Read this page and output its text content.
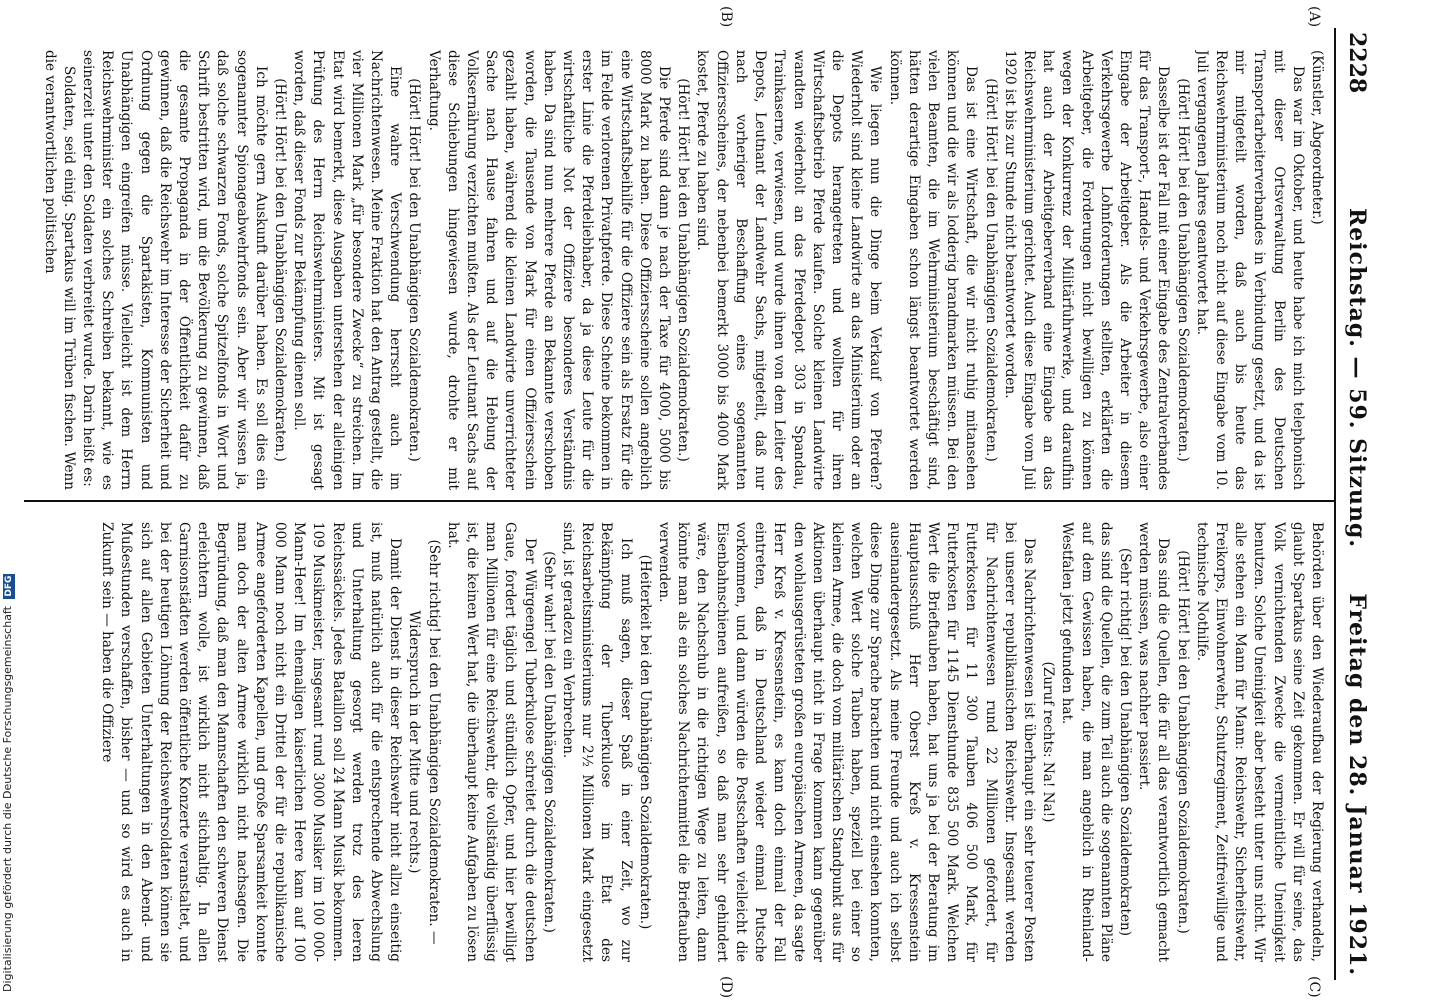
2228
Reichstag. — 59. Sitzung.
Freitag den 28. Januar 1921.
(A)
(B)
(C)
(D)

(Künstler, Abgeordneter.)

Das war im Oktober, und heute habe ich mich telephonisch mit dieser Ortsverwaltung Berlin des Deutschen Transportarbeiterverbandes in Verbindung gesetzt, und da ist mir mitgeteilt worden, daß auch bis heute das Reichswehrministerium noch nicht auf diese Eingabe vom 10. Juli vergangenen Jahres geantwortet hat.

(Hört! Hört! bei den Unabhängigen Sozialdemokraten.)

Dasselbe ist der Fall mit einer Eingabe des Zentralverbandes für das Transport-, Handels- und Verkehrsgewerbe, also einer Eingabe der Arbeitgeber. Als die Arbeiter in diesem Verkehrsgewerbe Lohnforderungen stellten, erklärten die Arbeitgeber, die Forderungen nicht bewilligen zu können wegen der Konkurrenz der Militärfuhrwerke, und daraufhin hat auch der Arbeitgeberverband eine Eingabe an das Reichswehrministerium gerichtet. Auch diese Eingabe vom Juli 1920 ist bis zur Stunde nicht beantwortet worden.

(Hört! Hört! bei den Unabhängigen Sozialdemokraten.)

Das ist eine Wirtschaft, die wir nicht ruhig mitansehen können und die wir als lodderig brandmarken müssen. Bei den vielen Beamten, die im Wehrministerium beschäftigt sind, hätten derartige Eingaben schon längst beantwortet werden können.

Wie liegen nun die Dinge beim Verkauf von Pferden? Wiederholt sind kleine Landwirte an das Ministerium oder an die Depots herangetreten und wollten für ihren Wirtschaftsbetrieb Pferde kaufen. Solche kleinen Landwirte wandten wiederholt an das Pferdedepot 303 in Spandau, Trainkaserne, verwiesen, und wurde ihnen von dem Leiter des Depots, Leutnant der Landwehr Sachs, mitgeteilt, daß nur nach vorheriger Beschaffung eines sogenannten Offiziersscheines, der nebenbei bemerkt 3000 bis 4000 Mark kostet, Pferde zu haben sind.

(Hört! Hört! bei den Unabhängigen Sozialdemokraten.)

Die Pferde sind dann je nach der Taxe für 4000, 5000 bis 8000 Mark zu haben. Diese Offiziersscheine sollen angeblich eine Wirtschaftsbeihilfe für die Offiziere sein als Ersatz für die im Felde verlorenen Privatpferde. Diese Scheine bekommen in erster Linie die Pferdeliebhaber, da ja diese Leute für die wirtschaftliche Not der Offiziere besonderes Verständnis haben. Da sind nun mehrere Pferde an Bekannte verschoben worden, die Tausende von Mark für einen Offiziersschein gezahlt haben, während die kleinen Landwirte unverrichteter Sache nach Hause fahren und auf die Hebung der Volksernährung verzichten mußten. Als der Leutnant Sachs auf diese Schiebungen hingewiesen wurde, drohte er mit Verhaftung.

(Hört! Hört! bei den Unabhängigen Sozialdemokraten.)

Eine wahre Verschwendung herrscht auch im Nachrichtenwesen. Meine Fraktion hat den Antrag gestellt, die vier Millionen Mark „für besondere Zwecke“ zu streichen. Im Etat wird bemerkt, diese Ausgaben unterstehen der alleinigen Prüfung des Herrn Reichswehrministers. Mit ist gesagt worden, daß dieser Fonds zur Bekämpfung dienen soll.

(Hört! Hört! bei den Unabhängigen Sozialdemokraten.)

Ich möchte gern Auskunft darüber haben. Es soll dies ein sogenannter Spionageabwehrfonds sein. Aber wir wissen ja, daß solche schwarzen Fonds, solche Spitzelfonds in Wort und Schrift bestritten wird, um die Bevölkerung zu gewinnen, daß die gesamte Propaganda in der Öffentlichkeit dafür zu gewinnen, daß die Reichswehr im Interesse der Sicherheit und Ordnung gegen die Spartakisten, Kommunisten und Unabhängigen eingreifen müsse. Vielleicht ist dem Herrn Reichswehrminister ein solches Schreiben bekannt, wie es seinerzeit unter den Soldaten verbreitet wurde. Darin heißt es:

Soldaten, seid einig. Spartakus will im Trüben fischen. Wenn die verantwortlichen politischen

Behörden über den Wiederaufbau der Regierung verhandeln, glaubt Spartakus seine Zeit gekommen. Er will für seine, das Volk vernichtenden Zwecke die vermeintliche Uneinigkeit benutzen. Solche Uneinigkeit aber besteht unter uns nicht. Wir alle stehen ein Mann für Mann: Reichswehr, Sicherheitswehr, Freikorps, Einwohnerwehr, Schutzregiment, Zeitfreiwillige und technische Nothilfe.

(Hört! Hört! bei den Unabhängigen Sozialdemokraten.)

Das sind die Quellen, die für all das verantwortlich gemacht werden müssen, was nachher passiert.

(Sehr richtig! bei den Unabhängigen Sozialdemokraten)

das sind die Quellen, die zum Teil auch die sogenannten Pläne auf dem Gewissen haben, die man angeblich in Rheinland-Westfalen jetzt gefunden hat.

(Zuruf rechts: Na! Na!)

Das Nachrichtenwesen ist überhaupt ein sehr teuerer Posten bei unserer republikanischen Reichswehr. Insgesamt werden für Nachrichtenwesen rund 22 Millionen gefordert, für Futterkosten für 11 300 Tauben 406 500 Mark, für Futterkosten für 1145 Diensthunde 835 500 Mark. Welchen Wert die Brieftauben haben, hat uns ja bei der Beratung im Hauptausschuß Herr Oberst Kreß v. Kressenstein auseinandergesetzt. Als meine Freunde und auch ich selbst diese Dinge zur Sprache brachten und nicht einsehen konnten, welchen Wert solche Tauben haben, speziell bei einer so kleinen Armee, die doch vom militärischen Standpunkt aus für Aktionen überhaupt nicht in Frage kommen kann gegenüber den wohlausgerüsteten großen europäischen Armeen, da sagte Herr Kreß v. Kressenstein, es kann doch einmal der Fall eintreten, daß in Deutschland wieder einmal Putsche vorkommen, und dann würden die Postschaften vielleicht die Eisenbahnschienen aufreißen, so daß man sehr gehindert wäre, den Nachschub in die richtigen Wege zu leiten, dann könnte man als ein solches Nachrichtenmittel die Brieftauben verwenden.

(Heiterkeit bei den Unabhängigen Sozialdemokraten.)

Ich muß sagen, dieser Spaß in einer Zeit, wo zur Bekämpfung der Tuberkulose im Etat des Reichsarbeitsministeriums nur 2½ Millionen Mark eingesetzt sind, ist geradezu ein Verbrechen.

(Sehr wahr! bei den Unabhängigen Sozialdemokraten.)

Der Würgeengel Tuberkulose schreitet durch die deutschen Gaue, fordert täglich und stündlich Opfer, und hier bewilligt man Millionen für eine Reichswehr, die vollständig überflüssig ist, die keinen Wert hat, die überhaupt keine Aufgaben zu lösen hat.

(Sehr richtig! bei den Unabhängigen Sozialdemokraten. — Widerspruch in der Mitte und rechts.)

Damit der Dienst in dieser Reichswehr nicht allzu einseitig ist, muß natürlich auch für die entsprechende Abwechslung und Unterhaltung gesorgt werden trotz des leeren Reichssäckels. Jedes Bataillon soll 24 Mann Musik bekommen. 109 Musikmeister, insgesamt rund 3000 Musiker im 100 000-Mann-Heer! Im ehemaligen kaiserlichen Heere kam auf 100 000 Mann noch nicht ein Drittel der für die republikanische Armee angeforderten Kapellen, und große Sparsamkeit konnte man doch der alten Armee wirklich nicht nachsagen. Die Begründung, daß man den Mannschaften den schweren Dienst erleichtern wolle, ist wirklich nicht stichhaltig. In allen Garnisonstädten werden öffentliche Konzerte veranstaltet, und bei der heutigen Löhnung der Reichswehrsoldaten können sie sich auf allen Gebieten Unterhaltungen in den Abend- und Mußestunden verschaffen, bisher — und so wird es auch in Zukunft sein — haben die Offiziere

Digitalisierung gefördert durch die Deutsche Forschungsgemeinschaft DFG
